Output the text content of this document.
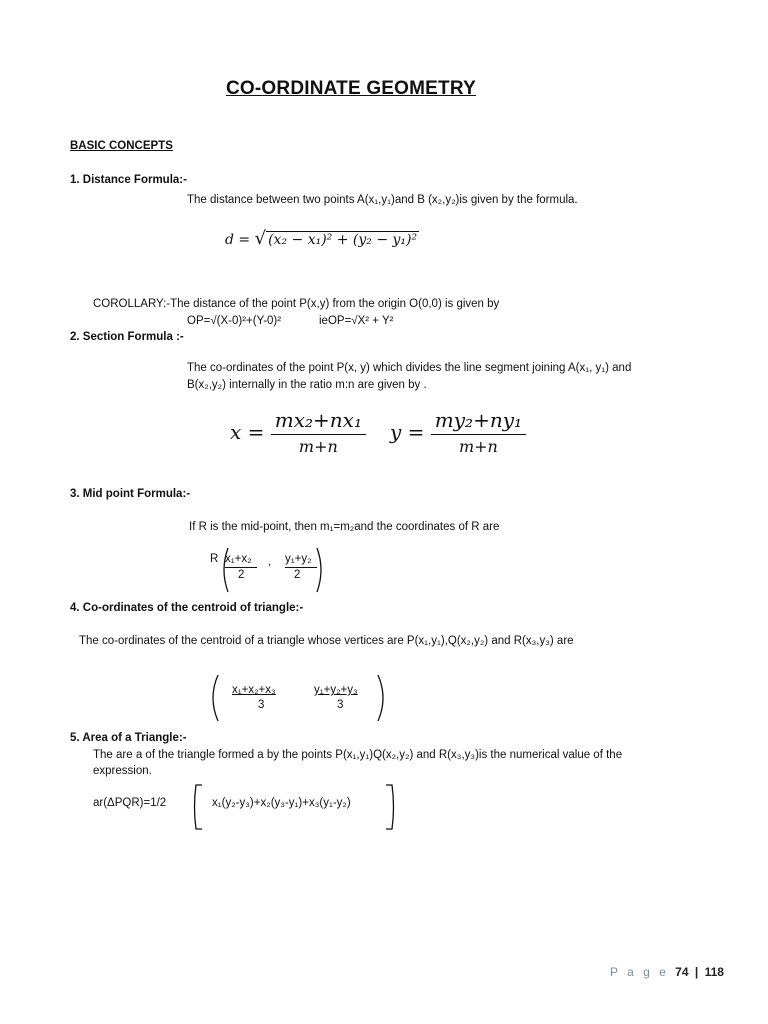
CO-ORDINATE GEOMETRY
BASIC CONCEPTS
1. Distance Formula:-
The distance between two points A(x₁,y₁)and B (x₂,y₂)is given by the formula.
d = √ (x₂ − x₁)² + (y₂ − y₁)²
COROLLARY:-The distance of the point P(x,y) from the origin O(0,0) is given by
OP=√(X-0)²+(Y-0)²	ieOP=√X² + Y²
2. Section Formula :-
The co-ordinates of the point P(x, y) which divides the line segment joining A(x₁, y₁) and
B(x₂,y₂) internally in the ratio m:n are given by .
$x = \frac{\text{mx₂+nx₁}}{m+n}$ $y = \frac{\text{my₂+ny₁}}{m+n}$
3. Mid point Formula:-
If R is the mid-point, then m₁=m₂and the coordinates of R are
R x₁+x₂
2
, y₁+y₂
2
4. Co-ordinates of the centroid of triangle:-
The co-ordinates of the centroid of a triangle whose vertices are P(x₁,y₁),Q(x₂,y₂) and R(x₃,y₃) are
x₁+x₂+x₃
3
y₁+y₂+y₃
3
5. Area of a Triangle:-
The are a of the triangle formed a by the points P(x₁,y₁)Q(x₂,y₂) and R(x₃,y₃)is the numerical value of the
expression.
ar(ΔPQR)=1/2	x₁(y₂-y₃)+x₂(y₃-y₁)+x₃(y₁-y₂)
P a g e 74 | 118
